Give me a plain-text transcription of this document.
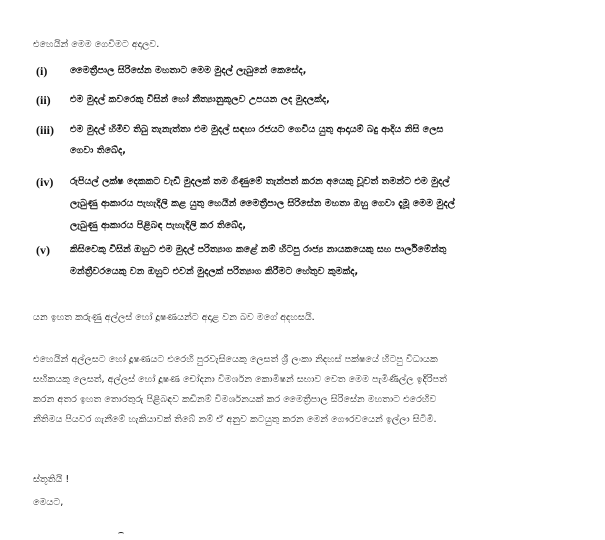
එහෙයින් මෙම ගෙවීමට අදාලව.

(i) මෛත්‍රීපාල සිරිසේන මහතාට මෙම මුදල් ලැබුනේ කෙසේද,

(ii) එම මුදල් කවරෙකු විසින් හෝ නීත්‍යානුකූලව උපයන ලද මුදලක්ද,

(iii) එම මුදල් හිමිව තිබු තැනැත්තා එම මුදල් සඳහා රජයට ගෙවිය යුතු ආදායම් බදු ආදිය නිසි ලෙස

ගෙවා තිබේද,

(iv) රුපියල් ලක්ෂ දෙකකට වැඩි මුදලක් තම ගිණුමේ තැන්පත් කරන අයෙකු වූවත් තමන්ට එම මුදල්

ලැබුණු ආකාරය පැහැදිලි කළ යුතු හෙයින් මෛත්‍රීපාල සිරිසේන මහතා ඔහු ගෙවා දැමූ මෙම මුදල්

ලැබුණු ආකාරය පිළිබඳ පැහැදිලි කර තිබේද,

(v) කිසිවෙකු විසින් ඔහුට එම මුදල් පරිත්‍යාග කළේ නම් හිටපු රාජ්‍ය නායකයෙකු සහ පාර්ලිමේන්තු

මන්ත්‍රීවරයෙකු වන ඔහුට එවන් මුදලක් පරිත්‍යාග කිරීමට හේතුව කුමක්ද,

යන ඉහත කරුණු අල්ලස් හෝ දූෂණයන්ට අදාළ වන බව මගේ අදහසයි.

එහෙයින් අල්ලසට හෝ දූෂණයට එරෙහි පුරවැසියෙකු ලෙසත් ශ්‍රී ලංකා නිදහස් පක්ෂයේ හිටපු විධායක

සභිකයකු ලෙසත්, අල්ලස් හෝ දූෂණ චෝදනා විමර්ශන කොමිෂන් සභාව වෙත මෙම පැමිණිල්ල ඉදිරිපත්

කරන අතර ඉහත තොරතුරු පිළිබඳව කඩිනම් විමර්ශනයක් කර මෛත්‍රීපාල සිරිසේන මහතාට එරෙහිව

නීතිමය පියවර ගැනීමේ හැකියාවක් තිබේ නම් ඒ අනුව කටයුතු කරන මෙන් ගෞරවයෙන් ඉල්ලා සිටිමි.

ස්තූතියි !

මෙයට,
